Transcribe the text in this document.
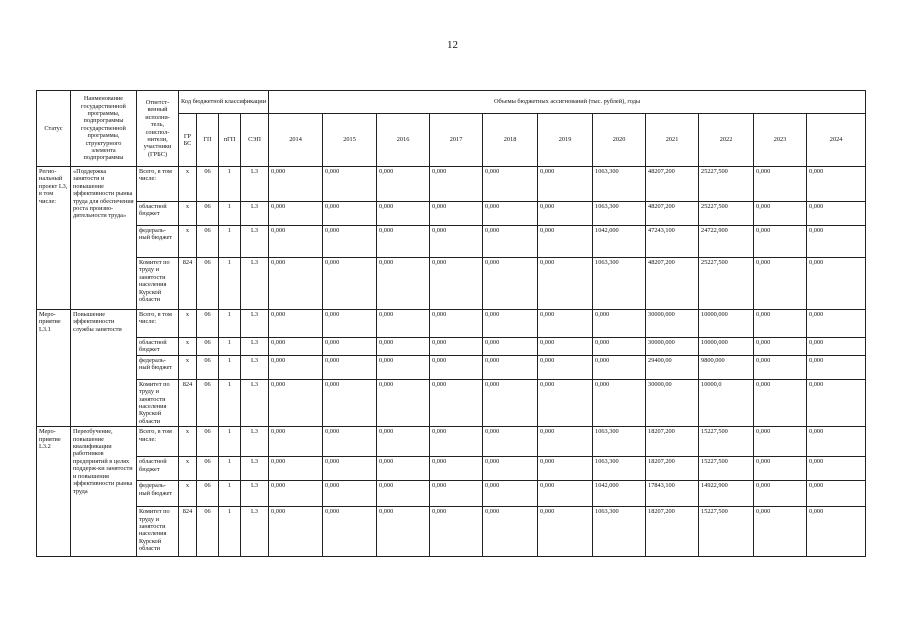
12
Статус	Наименование государственной программы, подпрограммы государственной программы, структурного элемента подпрограммы	Ответст-венный исполни-тель, соиспол-нители, участники (ГРБС)	Код бюджетной классификации				Объемы бюджетных ассигнований (тыс. рублей), годы										
			ГР БС	ГП	пГП	СЭП	2014	2015	2016	2017	2018	2019	2020	2021	2022	2023	2024
Регио-нальный проект L3, в том числе:	«Поддержка занятости и повышение эффективности рынка труда для обеспечения роста произво-дительности труда»	Всего, в том числе:	x	06	1	L3	0,000	0,000	0,000	0,000	0,000	0,000	1063,300	48207,200	25227,500	0,000	0,000
		областной бюджет	x	06	1	L3	0,000	0,000	0,000	0,000	0,000	0,000	1063,300	48207,200	25227,500	0,000	0,000
		федераль-ный бюджет	x	06	1	L3	0,000	0,000	0,000	0,000	0,000	0,000	1042,000	47243,100	24722,900	0,000	0,000
		Комитет по труду и занятости населения Курской области	824	06	1	L3	0,000	0,000	0,000	0,000	0,000	0,000	1063,300	48207,200	25227,500	0,000	0,000
Меро-приятие L3.1	Повышение эффективности службы занятости	Всего, в том числе:	x	06	1	L3	0,000	0,000	0,000	0,000	0,000	0,000	0,000	30000,000	10000,000	0,000	0,000
		областной бюджет	x	06	1	L3	0,000	0,000	0,000	0,000	0,000	0,000	0,000	30000,000	10000,000	0,000	0,000
		федераль-ный бюджет	x	06	1	L3	0,000	0,000	0,000	0,000	0,000	0,000	0,000	29400,00	9800,000	0,000	0,000
		Комитет по труду и занятости населения Курской области	824	06	1	L3	0,000	0,000	0,000	0,000	0,000	0,000	0,000	30000,00	10000,0	0,000	0,000
Меро-приятие L3.2	Переобучение, повышение квалификации работников предприятий в целях поддерж-ки занятости и повышения эффективности рынка труда	Всего, в том числе:	x	06	1	L3	0,000	0,000	0,000	0,000	0,000	0,000	1063,300	18207,200	15227,500	0,000	0,000
		областной бюджет	x	06	1	L3	0,000	0,000	0,000	0,000	0,000	0,000	1063,300	18207,200	15227,500	0,000	0,000
		федераль-ный бюджет	x	06	1	L3	0,000	0,000	0,000	0,000	0,000	0,000	1042,000	17843,100	14922,900	0,000	0,000
		Комитет по труду и занятости населения Курской области	824	06	1	L3	0,000	0,000	0,000	0,000	0,000	0,000	1063,300	18207,200	15227,500	0,000	0,000
